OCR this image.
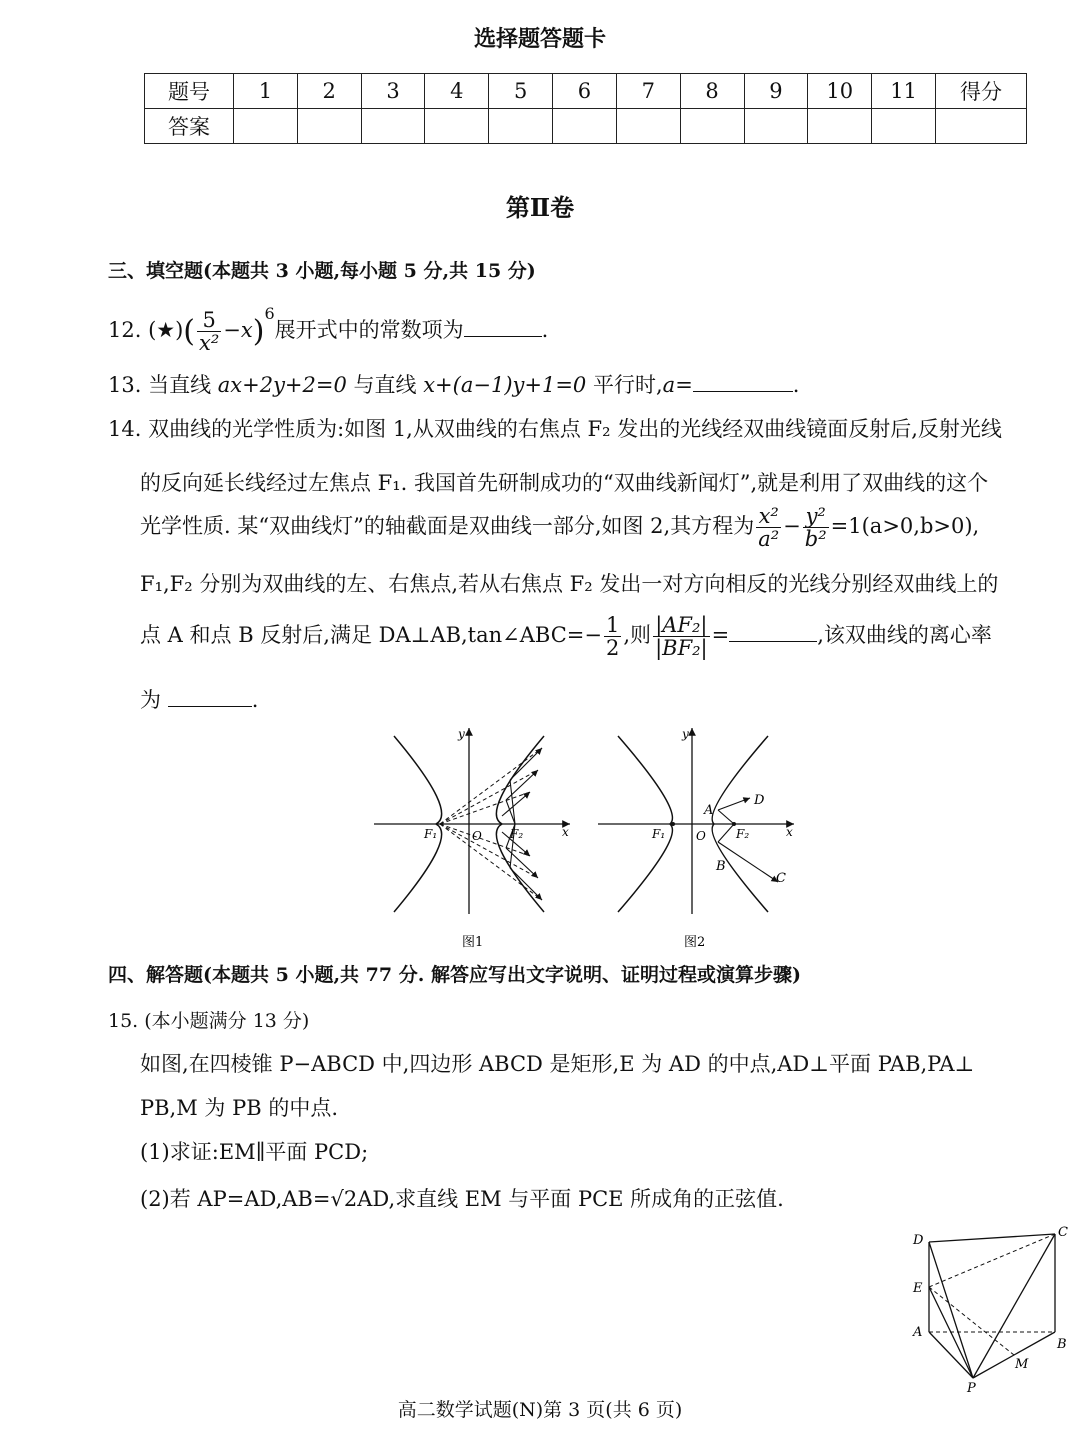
选择题答题卡
题号	1	2	3	4	5	6	7	8	9	10	11	得分
答案												
第Ⅱ卷
三、填空题(本题共 3 小题,每小题 5 分,共 15 分)
12. (★)( $\frac{5}{\text{x²}} -x)^6$展开式中的常数项为	.
13. 当直线 ax+2y+2=0 与直线 x+(a−1)y+1=0 平行时,a=	.
14. 双曲线的光学性质为:如图 1,从双曲线的右焦点 F₂ 发出的光线经双曲线镜面反射后,反射光线
的反向延长线经过左焦点 F₁. 我国首先研制成功的“双曲线新闻灯”,就是利用了双曲线的这个
光学性质. 某“双曲线灯”的轴截面是双曲线一部分,如图 2,其方程为 $\frac{\text{x²}}{\text{a²}} - \frac{\text{y²}}{\text{b²}} =1(a>0,b>0)$,
F₁,F₂ 分别为双曲线的左、右焦点,若从右焦点 F₂ 发出一对方向相反的光线分别经双曲线上的
点 A 和点 B 反射后,满足 DA⊥AB,tan∠ABC=− $\frac{1}{2}$ ,则 $\frac{\text{|AF₂|}}{\text{|BF₂|}}$ =	,该双曲线的离心率
为	.
y
x
O
F₁	F₂
图1
y
x
O
F₁	F₂
A
B
D
C
图2
四、解答题(本题共 5 小题,共 77 分. 解答应写出文字说明、证明过程或演算步骤)
15. (本小题满分 13 分)
如图,在四棱锥 P−ABCD 中,四边形 ABCD 是矩形,E 为 AD 的中点,AD⊥平面 PAB,PA⊥
PB,M 为 PB 的中点.
(1)求证:EM∥平面 PCD;
(2)若 AP=AD,AB=√2AD,求直线 EM 与平面 PCE 所成角的正弦值.
D
C
E
A
B
M
P
高二数学试题(N)第 3 页(共 6 页)
